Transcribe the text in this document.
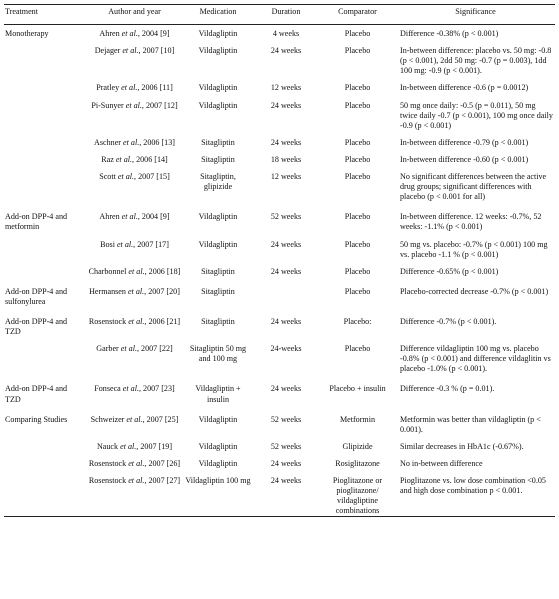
Treatment	Author and year	Medication	Duration	Comparator	Significance
Monotherapy	Ahren et al., 2004 [9]	Vildagliptin	4 weeks	Placebo	Difference -0.38% (p < 0.001)
	Dejager et al., 2007 [10]	Vildagliptin	24 weeks	Placebo	In-between difference: placebo vs. 50 mg: -0.8 (p < 0.001), 2dd 50 mg: -0.7 (p = 0.003), 1dd 100 mg: -0.9 (p < 0.001).
	Pratley et al., 2006 [11]	Vildagliptin	12 weeks	Placebo	In-between difference -0.6 (p = 0.0012)
	Pi-Sunyer et al., 2007 [12]	Vildagliptin	24 weeks	Placebo	50 mg once daily: -0.5 (p = 0.011), 50 mg twice daily -0.7 (p < 0.001), 100 mg once daily -0.9 (p < 0.001)
	Aschner et al., 2006 [13]	Sitagliptin	24 weeks	Placebo	In-between difference -0.79 (p < 0.001)
	Raz et al., 2006 [14]	Sitagliptin	18 weeks	Placebo	In-between difference -0.60 (p < 0.001)
	Scott et al., 2007 [15]	Sitagliptin, glipizide	12 weeks	Placebo	No significant differences between the active drug groups; significant differences with placebo (p < 0.001 for all)
Add-on DPP-4 and metformin	Ahren et al., 2004 [9]	Vildagliptin	52 weeks	Placebo	In-between difference. 12 weeks: -0.7%, 52 weeks: -1.1% (p < 0.001)
	Bosi et al., 2007 [17]	Vildagliptin	24 weeks	Placebo	50 mg vs. placebo: -0.7% (p < 0.001) 100 mg vs. placebo -1.1 % (p < 0.001)
	Charbonnel et al., 2006 [18]	Sitagliptin	24 weeks	Placebo	Difference -0.65% (p < 0.001)
Add-on DPP-4 and sulfonylurea	Hermansen et al., 2007 [20]	Sitagliptin		Placebo	Placebo-corrected decrease -0.7% (p < 0.001)
Add-on DPP-4 and TZD	Rosenstock et al., 2006 [21]	Sitagliptin	24 weeks	Placebo:	Difference -0.7% (p < 0.001).
	Garber et al., 2007 [22]	Sitagliptin 50 mg and 100 mg	24-weeks	Placebo	Difference vildagliptin 100 mg vs. placebo -0.8% (p < 0.001) and difference vildaglitin vs placebo -1.0% (p < 0.001).
Add-on DPP-4 and TZD	Fonseca et al., 2007 [23]	Vildagliptin + insulin	24 weeks	Placebo + insulin	Difference -0.3 % (p = 0.01).
Comparing Studies	Schweizer et al., 2007 [25]	Vildagliptin	52 weeks	Metformin	Metformin was better than vildagliptin (p < 0.001).
	Nauck et al., 2007 [19]	Vildagliptin	52 weeks	Glipizide	Similar decreases in HbA1c (-0.67%).
	Rosenstock et al., 2007 [26]	Vildagliptin	24 weeks	Rosiglitazone	No in-between difference
	Rosenstock et al., 2007 [27]	Vildagliptin 100 mg	24 weeks	Pioglitazone or pioglitazone/ vildagliptine combinations	Pioglitazone vs. low dose combination <0.05 and high dose combination p < 0.001.
